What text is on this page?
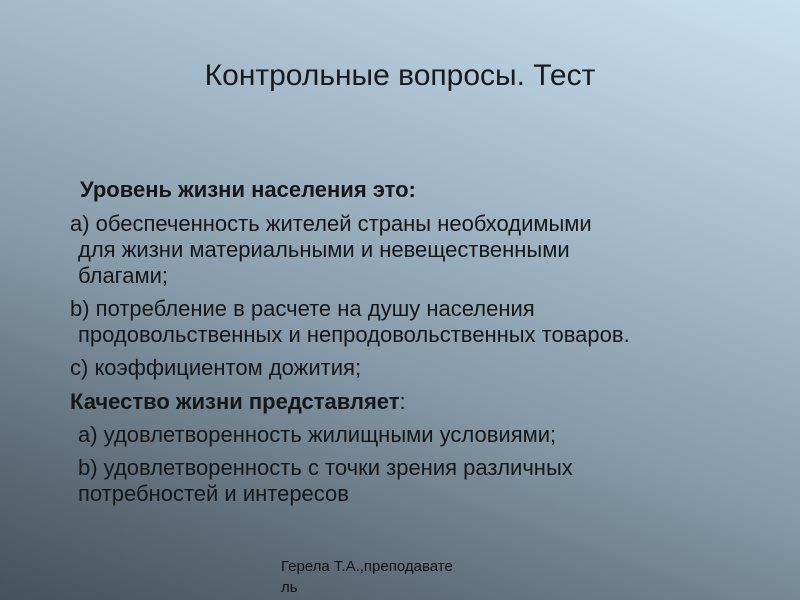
Контрольные вопросы. Тест
Уровень жизни населения это:
a) обеспеченность жителей страны необходимыми
для жизни материальными и невещественными
благами;
b) потребление в расчете на душу населения
продовольственных и непродовольственных товаров.
с) коэффициентом дожития;
Качество жизни представляет:
a) удовлетворенность жилищными условиями;
b) удовлетворенность с точки зрения различных
потребностей и интересов
Герела Т.А.,преподавате
ль
